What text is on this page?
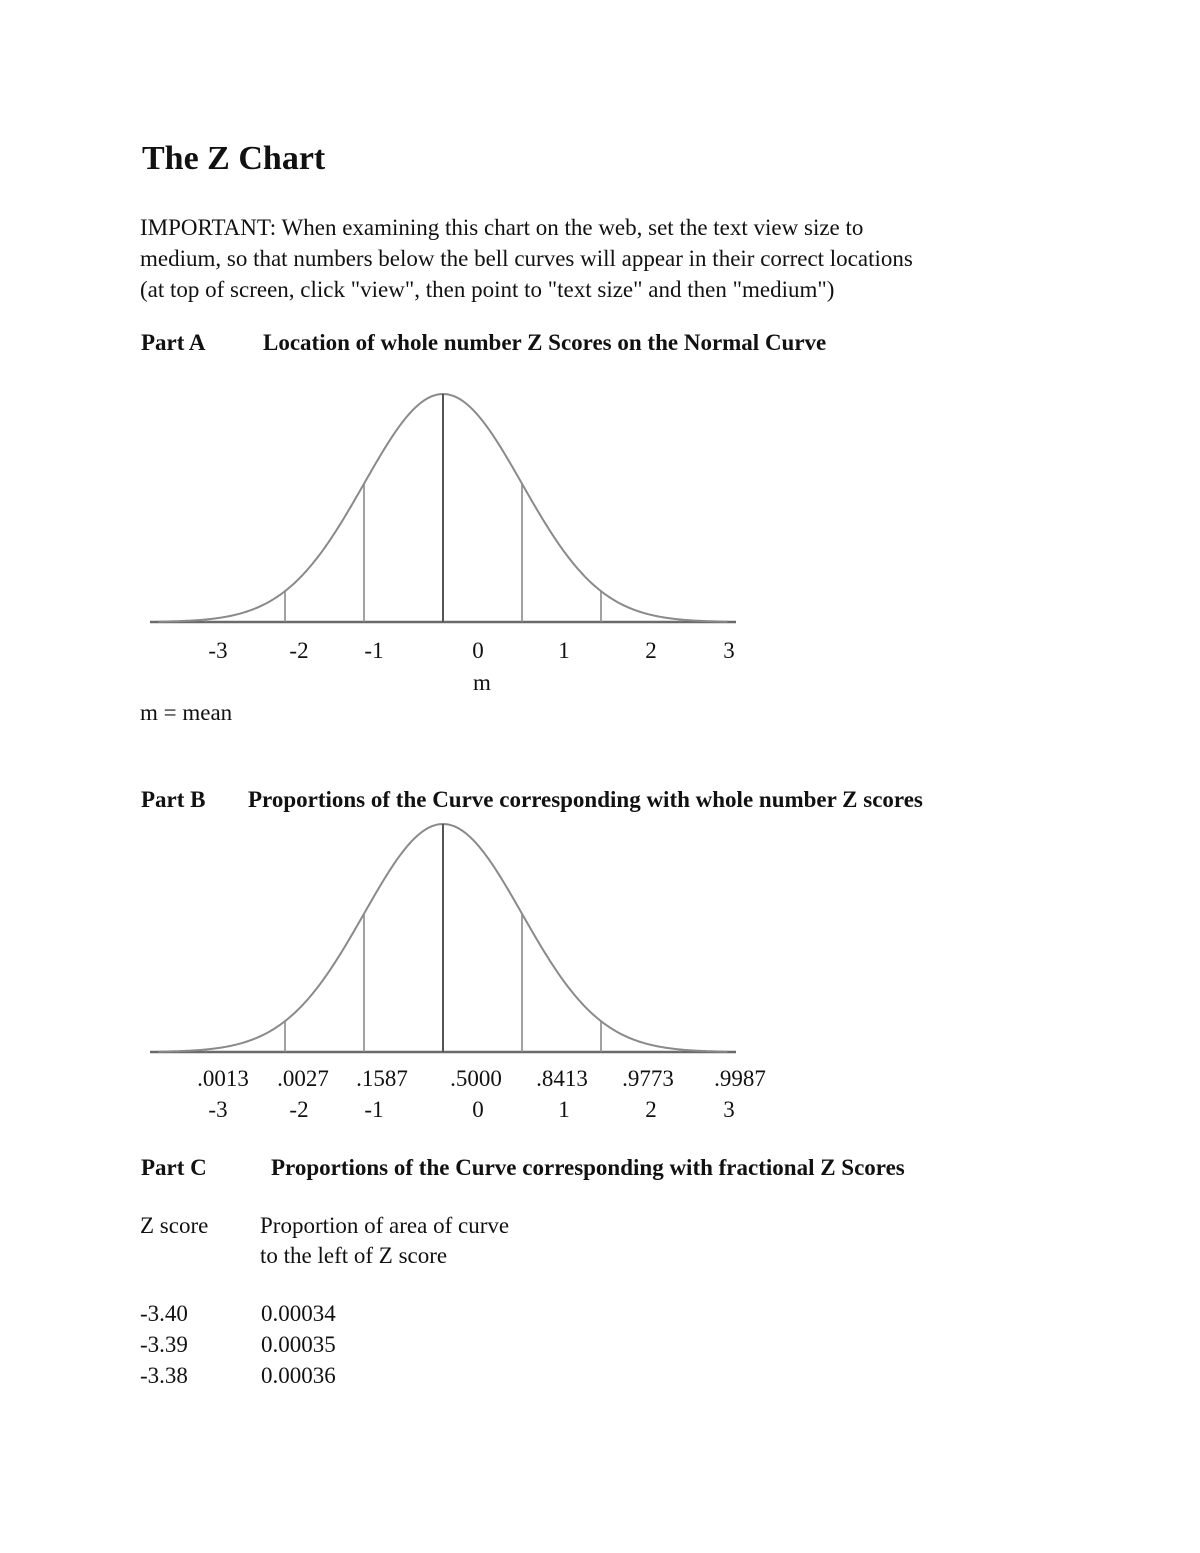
The Z Chart
IMPORTANT: When examining this chart on the web, set the text view size to
medium, so that numbers below the bell curves will appear in their correct locations
(at top of screen, click "view", then point to "text size" and then "medium")
Part A Location of whole number Z Scores on the Normal Curve
-3	-2 -1	0	1	2	3
m
m = mean
Part B Proportions of the Curve corresponding with whole number Z scores
.0013 .0027 .1587 .5000 .8413 .9773 .9987
-3	-2 -1	0	1	2	3
Part C	Proportions of the Curve corresponding with fractional Z Scores
Z score Proportion of area of curve
to the left of Z score
-3.40	0.00034
-3.39	0.00035
-3.38	0.00036
